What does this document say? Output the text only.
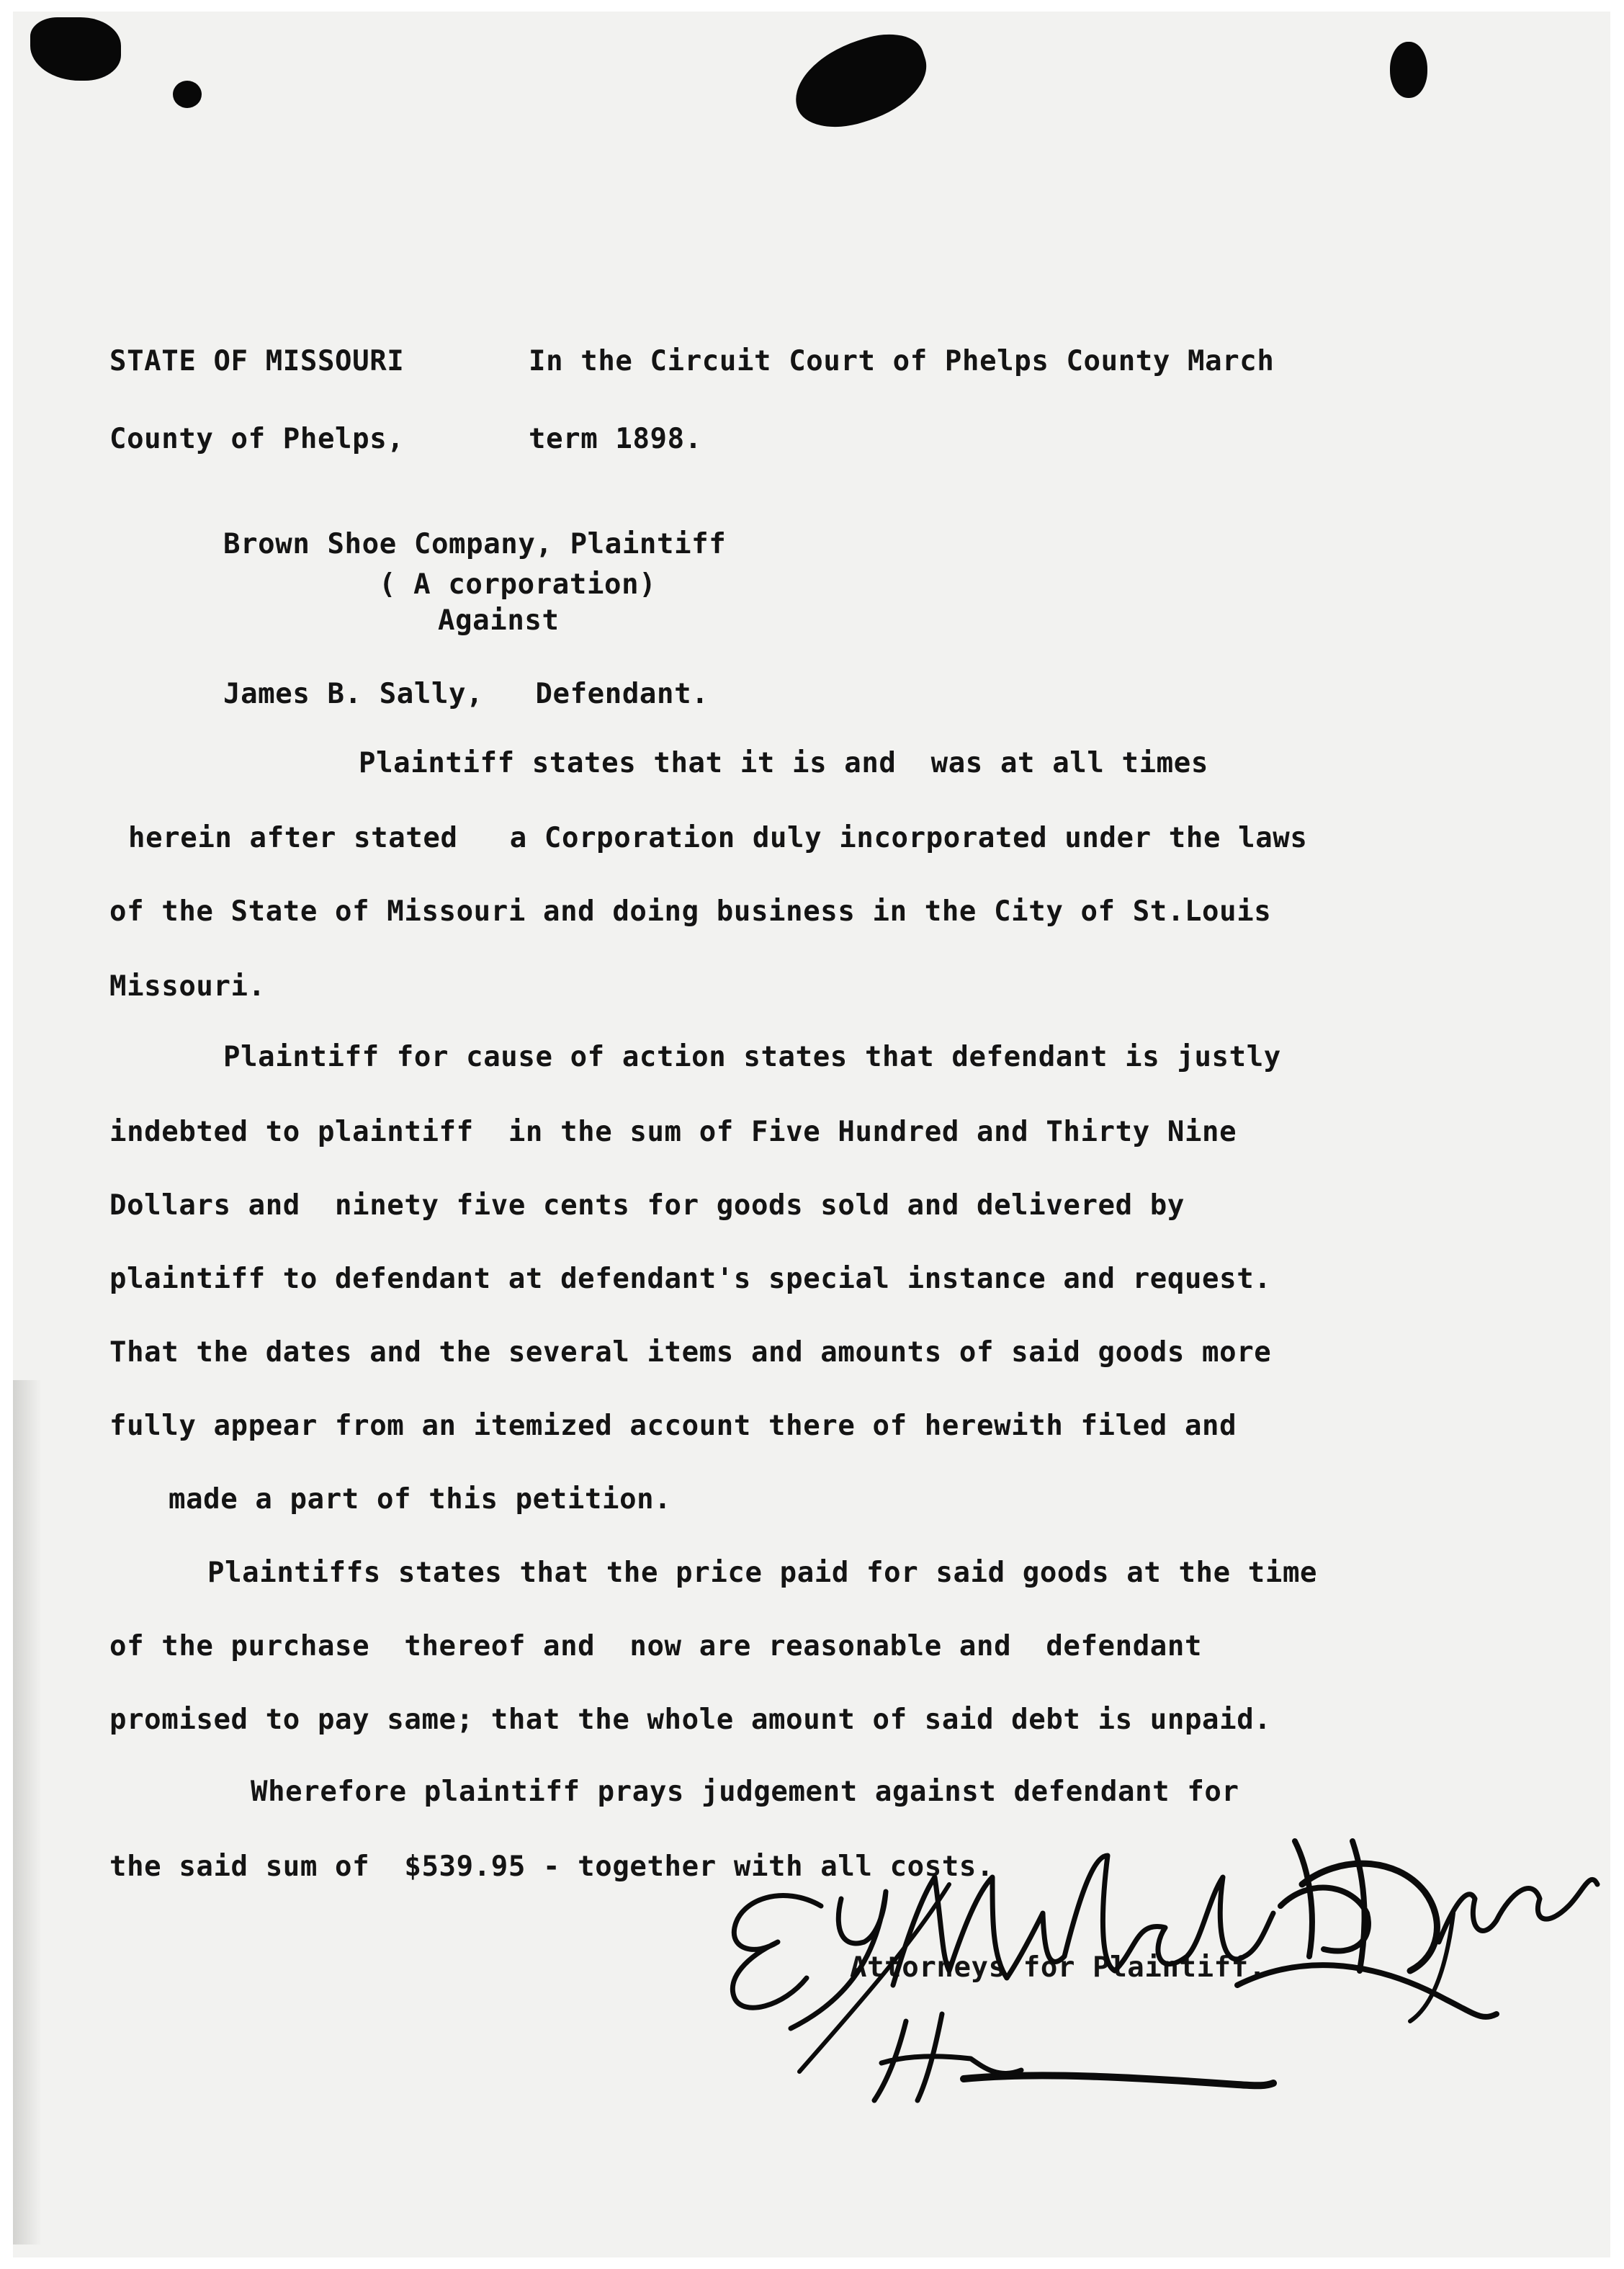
STATE OF MISSOURI
County of Phelps,
In the Circuit Court of Phelps County March
term 1898.
Brown Shoe Company, Plaintiff
( A corporation)
Against
James B. Sally,   Defendant.
Plaintiff states that it is and  was at all times
herein after stated   a Corporation duly incorporated under the laws
of the State of Missouri and doing business in the City of St.Louis
Missouri.
Plaintiff for cause of action states that defendant is justly
indebted to plaintiff  in the sum of Five Hundred and Thirty Nine
Dollars and  ninety five cents for goods sold and delivered by
plaintiff to defendant at defendant's special instance and request.
That the dates and the several items and amounts of said goods more
fully appear from an itemized account there of herewith filed and
made a part of this petition.
Plaintiffs states that the price paid for said goods at the time
of the purchase  thereof and  now are reasonable and  defendant
promised to pay same; that the whole amount of said debt is unpaid.
Wherefore plaintiff prays judgement against defendant for
the said sum of  $539.95 - together with all costs.
Attorneys for Plaintiff.
